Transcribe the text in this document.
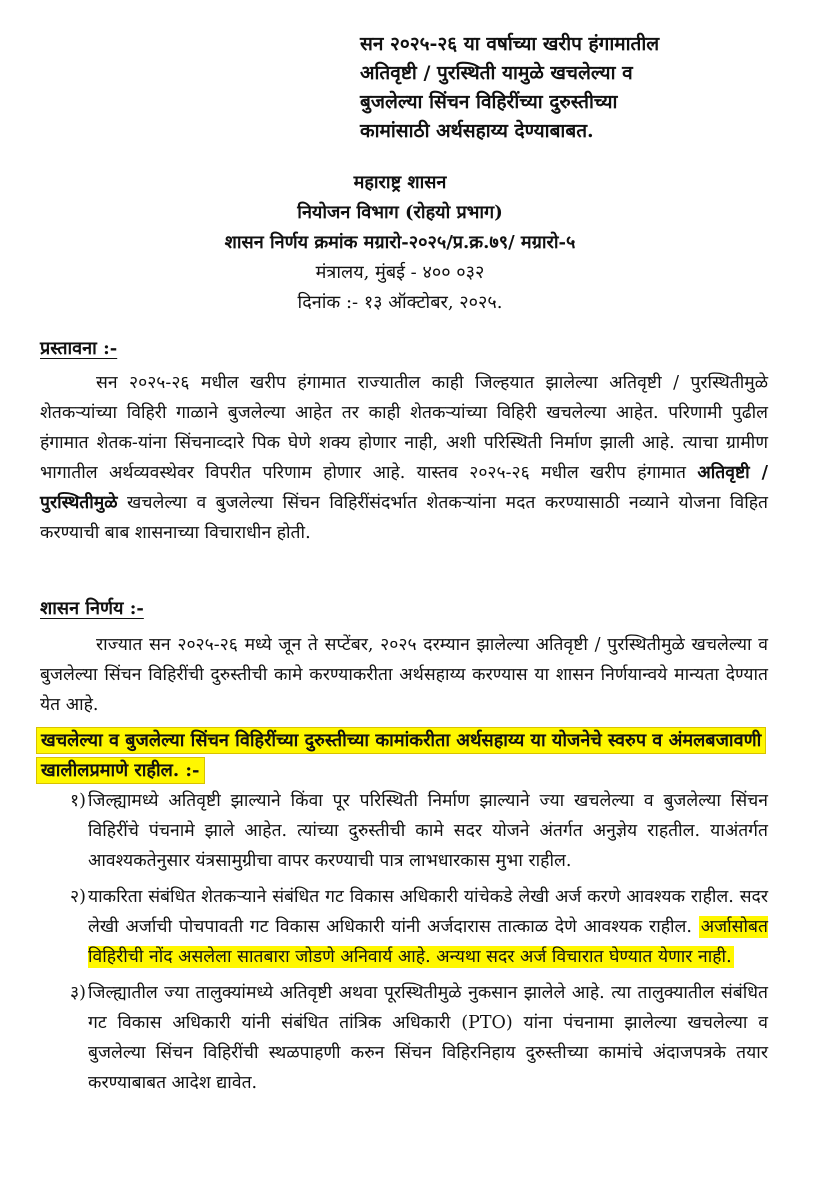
सन २०२५-२६ या वर्षाच्या खरीप हंगामातील
अतिवृष्टी / पुरस्थिती यामुळे खचलेल्या व
बुजलेल्या सिंचन विहिरींच्या दुरुस्तीच्या
कामांसाठी अर्थसहाय्य देण्याबाबत.
महाराष्ट्र शासन
नियोजन विभाग (रोहयो प्रभाग)
शासन निर्णय क्रमांक मग्रारो-२०२५/प्र.क्र.७९/ मग्रारो-५
मंत्रालय, मुंबई - ४०० ०३२
दिनांक :- १३ ऑक्टोबर, २०२५.
प्रस्तावना :-
सन २०२५-२६ मधील खरीप हंगामात राज्यातील काही जिल्हयात झालेल्या अतिवृष्टी / पुरस्थितीमुळे शेतकऱ्यांच्या विहिरी गाळाने बुजलेल्या आहेत तर काही शेतकऱ्यांच्या विहिरी खचलेल्या आहेत. परिणामी पुढील हंगामात शेतक-यांना सिंचनाव्दारे पिक घेणे शक्य होणार नाही, अशी परिस्थिती निर्माण झाली आहे. त्याचा ग्रामीण भागातील अर्थव्यवस्थेवर विपरीत परिणाम होणार आहे. यास्तव २०२५-२६ मधील खरीप हंगामात अतिवृष्टी / पुरस्थितीमुळे खचलेल्या व बुजलेल्या सिंचन विहिरींसंदर्भात शेतकऱ्यांना मदत करण्यासाठी नव्याने योजना विहित करण्याची बाब शासनाच्या विचाराधीन होती.
शासन निर्णय :-
राज्यात सन २०२५-२६ मध्ये जून ते सप्टेंबर, २०२५ दरम्यान झालेल्या अतिवृष्टी / पुरस्थितीमुळे खचलेल्या व बुजलेल्या सिंचन विहिरींची दुरुस्तीची कामे करण्याकरीता अर्थसहाय्य करण्यास या शासन निर्णयान्वये मान्यता देण्यात येत आहे.
खचलेल्या व बुजलेल्या सिंचन विहिरींच्या दुरुस्तीच्या कामांकरीता अर्थसहाय्य या योजनेचे स्वरुप व अंमलबजावणी खालीलप्रमाणे राहील. :-
१) जिल्ह्यामध्ये अतिवृष्टी झाल्याने किंवा पूर परिस्थिती निर्माण झाल्याने ज्या खचलेल्या व बुजलेल्या सिंचन विहिरींचे पंचनामे झाले आहेत. त्यांच्या दुरुस्तीची कामे सदर योजने अंतर्गत अनुज्ञेय राहतील. याअंतर्गत आवश्यकतेनुसार यंत्रसामुग्रीचा वापर करण्याची पात्र लाभधारकास मुभा राहील.
२) याकरिता संबंधित शेतकऱ्याने संबंधित गट विकास अधिकारी यांचेकडे लेखी अर्ज करणे आवश्यक राहील. सदर लेखी अर्जाची पोचपावती गट विकास अधिकारी यांनी अर्जदारास तात्काळ देणे आवश्यक राहील. अर्जासोबत विहिरीची नोंद असलेला सातबारा जोडणे अनिवार्य आहे. अन्यथा सदर अर्ज विचारात घेण्यात येणार नाही.
३) जिल्ह्यातील ज्या तालुक्यांमध्ये अतिवृष्टी अथवा पूरस्थितीमुळे नुकसान झालेले आहे. त्या तालुक्यातील संबंधित गट विकास अधिकारी यांनी संबंधित तांत्रिक अधिकारी (PTO) यांना पंचनामा झालेल्या खचलेल्या व बुजलेल्या सिंचन विहिरींची स्थळपाहणी करुन सिंचन विहिरनिहाय दुरुस्तीच्या कामांचे अंदाजपत्रके तयार करण्याबाबत आदेश द्यावेत.
